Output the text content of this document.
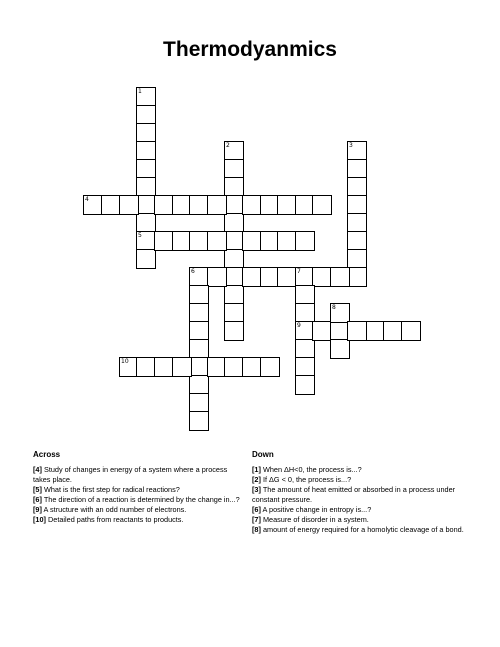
Thermodyanmics
1
5
2	3
4
6	7
9
8
10
Across
[4] Study of changes in energy of a system where a process takes place.
[5] What is the first step for radical reactions?
[6] The direction of a reaction is determined by the change in...?
[9] A structure with an odd number of electrons.
[10] Detailed paths from reactants to products.
Down
[1] When ΔH<0, the process is...?
[2] If ΔG < 0, the process is...?
[3] The amount of heat emitted or absorbed in a process under constant pressure.
[6] A positive change in entropy is...?
[7] Measure of disorder in a system.
[8] amount of energy required for a homolytic cleavage of a bond.
